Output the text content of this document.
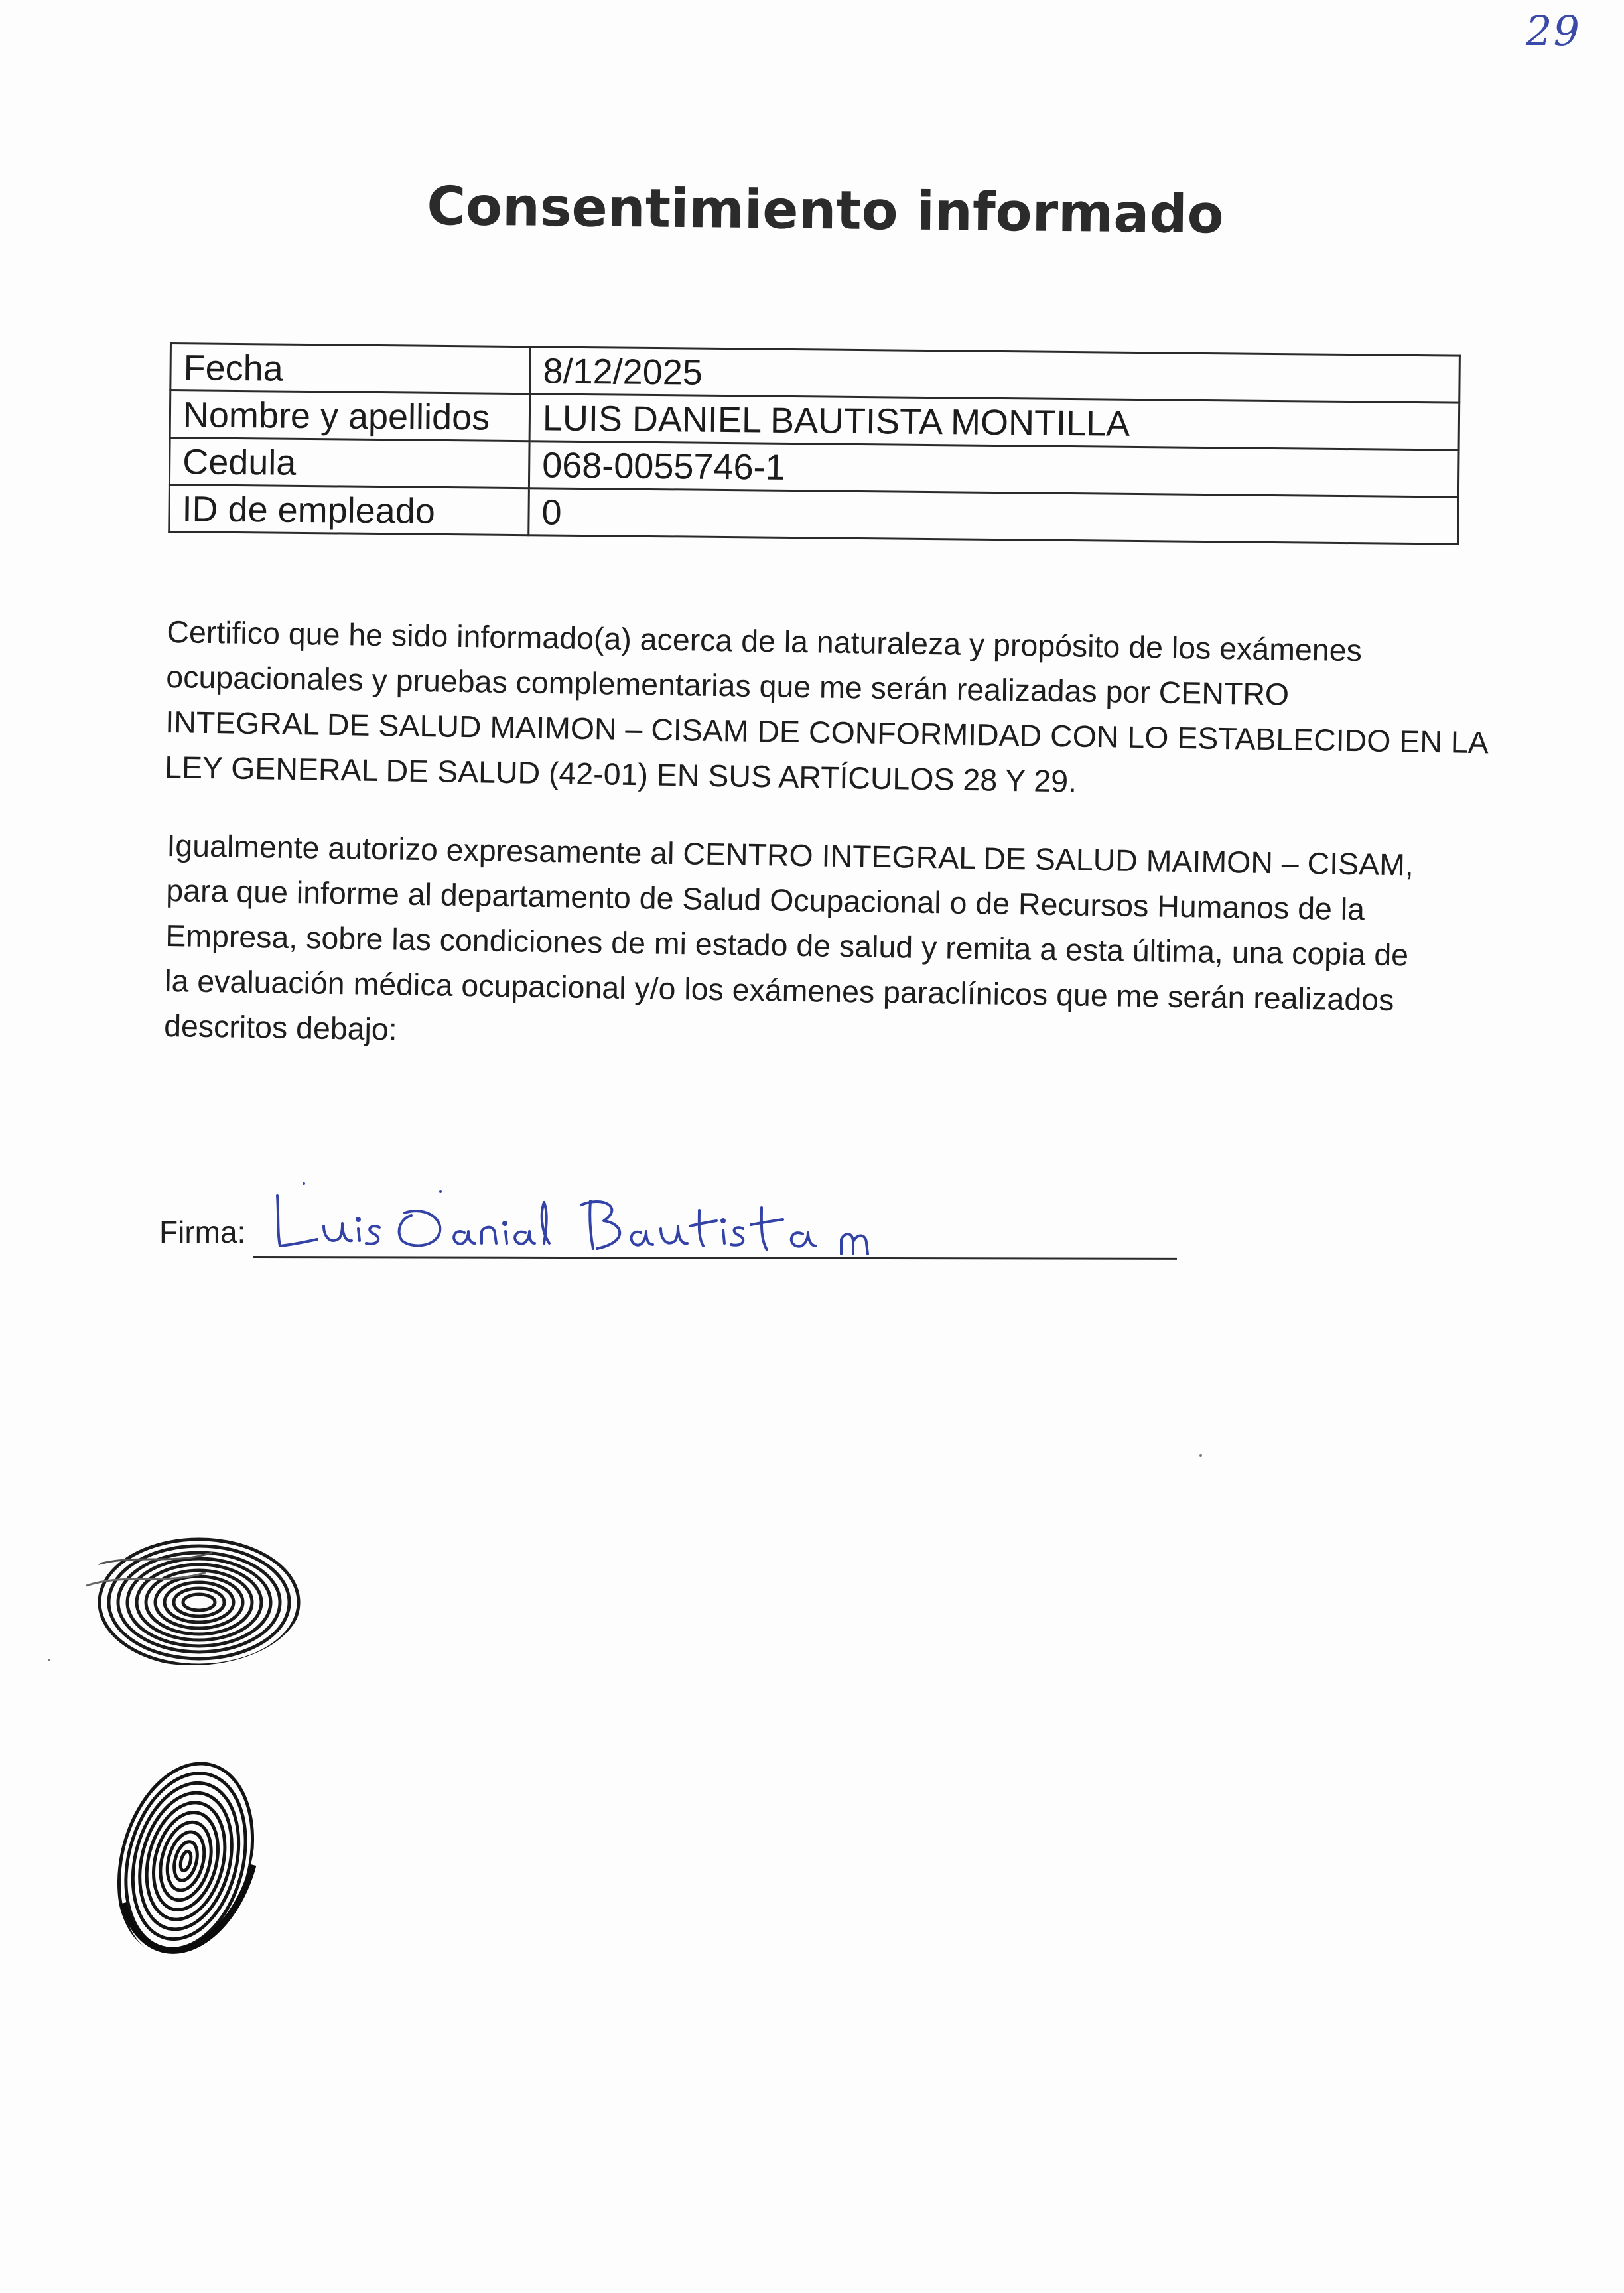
29
Consentimiento informado
Fecha	8/12/2025
Nombre y apellidos	LUIS DANIEL BAUTISTA MONTILLA
Cedula	068-0055746-1
ID de empleado	0
Certifico que he sido informado(a) acerca de la naturaleza y propósito de los exámenes
ocupacionales y pruebas complementarias que me serán realizadas por CENTRO
INTEGRAL DE SALUD MAIMON – CISAM DE CONFORMIDAD CON LO ESTABLECIDO EN LA
LEY GENERAL DE SALUD (42-01) EN SUS ARTÍCULOS 28 Y 29.
Igualmente autorizo expresamente al CENTRO INTEGRAL DE SALUD MAIMON – CISAM,
para que informe al departamento de Salud Ocupacional o de Recursos Humanos de la
Empresa, sobre las condiciones de mi estado de salud y remita a esta última, una copia de
la evaluación médica ocupacional y/o los exámenes paraclínicos que me serán realizados
descritos debajo:
Firma:
